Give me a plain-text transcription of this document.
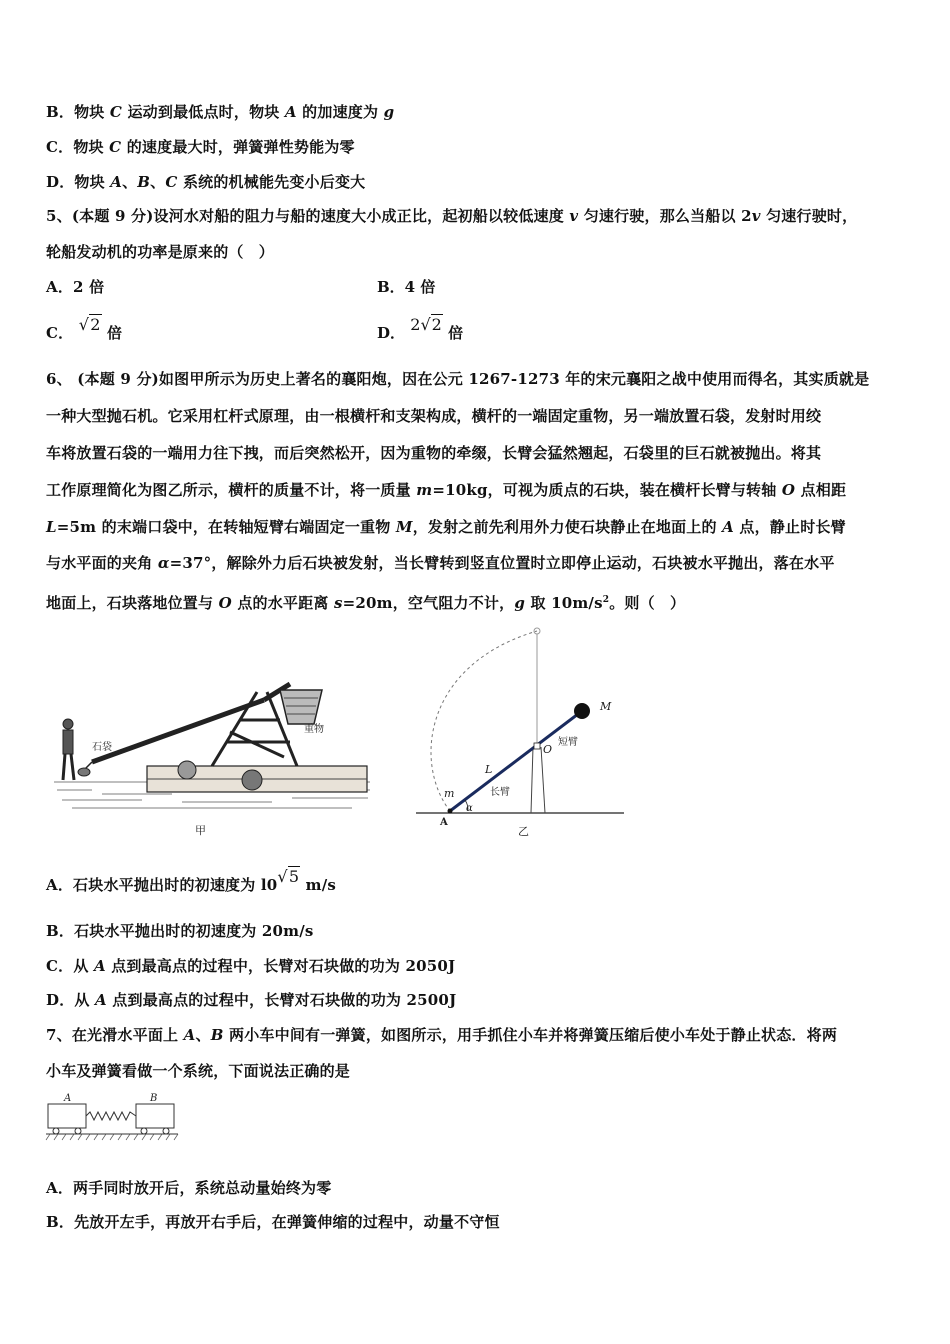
B．物块 C 运动到最低点时，物块 A 的加速度为 g
C．物块 C 的速度最大时，弹簧弹性势能为零
D．物块 A、B、C 系统的机械能先变小后变大
5、(本题 9 分)设河水对船的阻力与船的速度大小成正比，起初船以较低速度 v 匀速行驶，那么当船以 2v 匀速行驶时，
轮船发动机的功率是原来的（　）
A．2 倍	B．4 倍
C． √2 倍	D． 2√2 倍
6、 (本题 9 分)如图甲所示为历史上著名的襄阳炮，因在公元 1267-1273 年的宋元襄阳之战中使用而得名，其实质就是
一种大型抛石机。它采用杠杆式原理，由一根横杆和支架构成，横杆的一端固定重物，另一端放置石袋，发射时用绞
车将放置石袋的一端用力往下拽，而后突然松开，因为重物的牵缀，长臂会猛然翘起，石袋里的巨石就被抛出。将其
工作原理简化为图乙所示，横杆的质量不计，将一质量 m=10kg，可视为质点的石块，装在横杆长臂与转轴 O 点相距
L=5m 的末端口袋中，在转轴短臂右端固定一重物 M，发射之前先利用外力使石块静止在地面上的 A 点，静止时长臂
与水平面的夹角 α=37°，解除外力后石块被发射，当长臂转到竖直位置时立即停止运动，石块被水平抛出，落在水平
地面上，石块落地位置与 O 点的水平距离 s=20m，空气阻力不计，g 取 $10m/s^2$。则（　）
石袋
重物
甲
M
O
短臂
L
长臂
m
α
A
乙
A．石块水平抛出时的初速度为 l0√5 m/s
B．石块水平抛出时的初速度为 20m/s
C．从 A 点到最高点的过程中，长臂对石块做的功为 2050J
D．从 A 点到最高点的过程中，长臂对石块做的功为 2500J
7、在光滑水平面上 A、B 两小车中间有一弹簧，如图所示，用手抓住小车并将弹簧压缩后使小车处于静止状态．将两
小车及弹簧看做一个系统，下面说法正确的是
A	B
A．两手同时放开后，系统总动量始终为零
B．先放开左手，再放开右手后，在弹簧伸缩的过程中，动量不守恒
